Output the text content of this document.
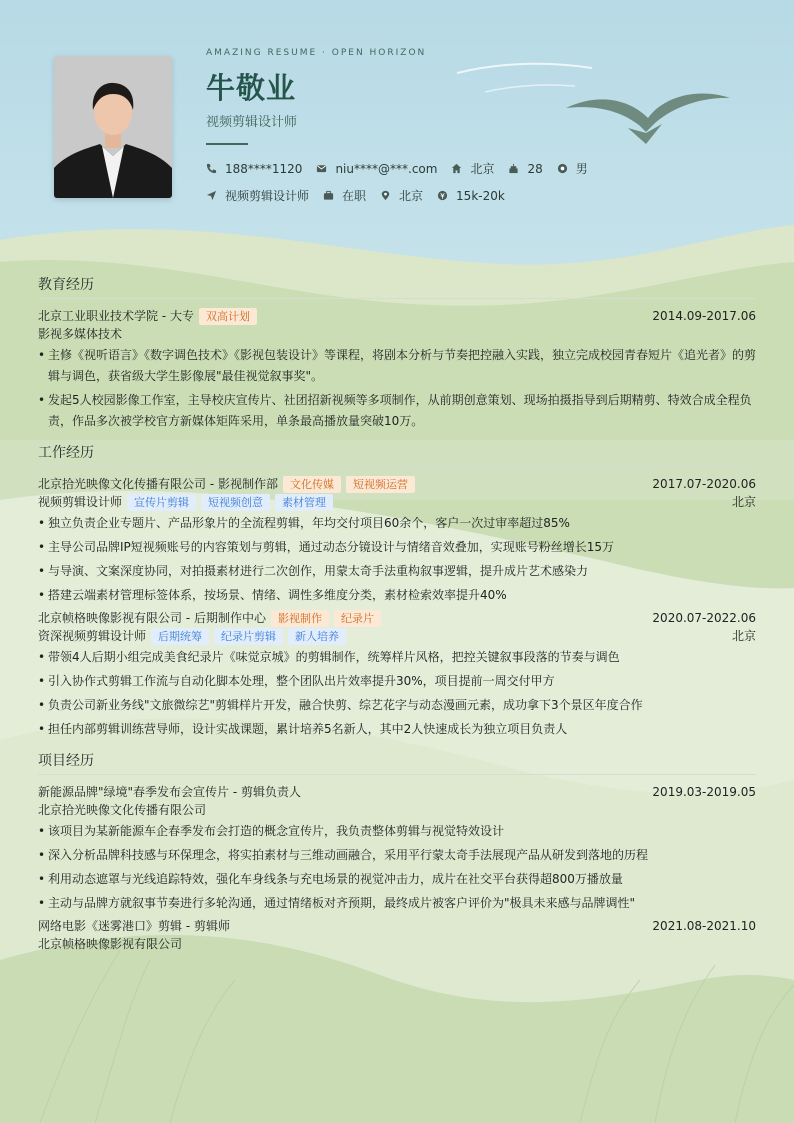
AMAZING RESUME · OPEN HORIZON
牛敬业
视频剪辑设计师
188****1120	niu****@***.com	北京	28	男
视频剪辑设计师	在职	北京	15k-20k
教育经历
北京工业职业技术学院 - 大专	双高计划	2014.09-2017.06
影视多媒体技术
• 主修《视听语言》《数字调色技术》《影视包装设计》等课程，将剧本分析与节奏把控融入实践，独立完成校园青春短片《追光者》的剪辑与调色，获省级大学生影像展"最佳视觉叙事奖"。
• 发起5人校园影像工作室，主导校庆宣传片、社团招新视频等多项制作，从前期创意策划、现场拍摄指导到后期精剪、特效合成全程负责，作品多次被学校官方新媒体矩阵采用，单条最高播放量突破10万。
工作经历
北京拾光映像文化传播有限公司 - 影视制作部	文化传媒	短视频运营	2017.07-2020.06
视频剪辑设计师	宣传片剪辑	短视频创意	素材管理	北京
• 独立负责企业专题片、产品形象片的全流程剪辑，年均交付项目60余个，客户一次过审率超过85%
• 主导公司品牌IP短视频账号的内容策划与剪辑，通过动态分镜设计与情绪音效叠加，实现账号粉丝增长15万
• 与导演、文案深度协同，对拍摄素材进行二次创作，用蒙太奇手法重构叙事逻辑，提升成片艺术感染力
• 搭建云端素材管理标签体系，按场景、情绪、调性多维度分类，素材检索效率提升40%
北京帧格映像影视有限公司 - 后期制作中心	影视制作	纪录片	2020.07-2022.06
资深视频剪辑设计师	后期统筹	纪录片剪辑	新人培养	北京
• 带领4人后期小组完成美食纪录片《味觉京城》的剪辑制作，统筹样片风格，把控关键叙事段落的节奏与调色
• 引入协作式剪辑工作流与自动化脚本处理，整个团队出片效率提升30%，项目提前一周交付甲方
• 负责公司新业务线"文旅微综艺"剪辑样片开发，融合快剪、综艺花字与动态漫画元素，成功拿下3个景区年度合作
• 担任内部剪辑训练营导师，设计实战课题，累计培养5名新人，其中2人快速成长为独立项目负责人
项目经历
新能源品牌"绿境"春季发布会宣传片 - 剪辑负责人	2019.03-2019.05
北京拾光映像文化传播有限公司
• 该项目为某新能源车企春季发布会打造的概念宣传片，我负责整体剪辑与视觉特效设计
• 深入分析品牌科技感与环保理念，将实拍素材与三维动画融合，采用平行蒙太奇手法展现产品从研发到落地的历程
• 利用动态遮罩与光线追踪特效，强化车身线条与充电场景的视觉冲击力，成片在社交平台获得超800万播放量
• 主动与品牌方就叙事节奏进行多轮沟通，通过情绪板对齐预期，最终成片被客户评价为"极具未来感与品牌调性"
网络电影《迷雾港口》剪辑 - 剪辑师	2021.08-2021.10
北京帧格映像影视有限公司
